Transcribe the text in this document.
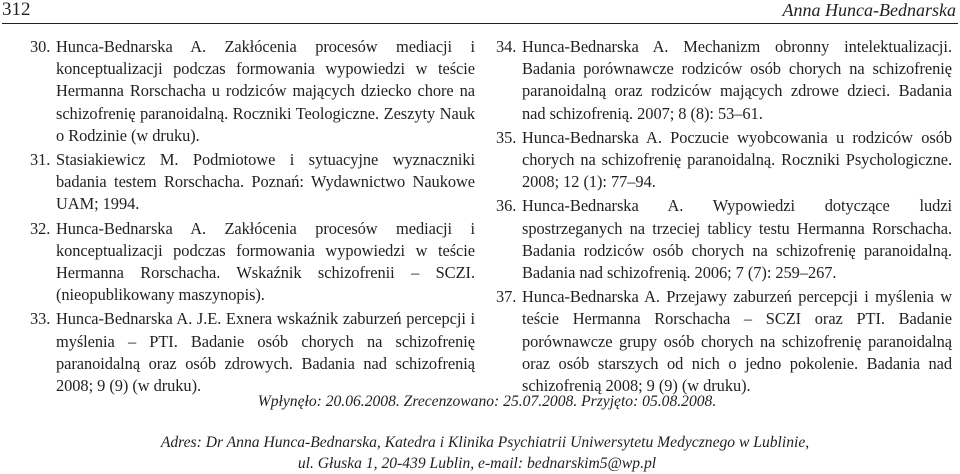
312	Anna Hunca-Bednarska
30. Hunca-Bednarska A. Zakłócenia procesów mediacji i konceptualizacji podczas formowania wypowiedzi w teście Hermanna Rorschacha u rodziców mających dziecko chore na schizofrenię paranoidalną. Roczniki Teologiczne. Zeszyty Nauk o Rodzinie (w druku).
31. Stasiakiewicz M. Podmiotowe i sytuacyjne wyznaczniki badania testem Rorschacha. Poznań: Wydawnictwo Naukowe UAM; 1994.
32. Hunca-Bednarska A. Zakłócenia procesów mediacji i konceptualizacji podczas formowania wypowiedzi w teście Hermanna Rorschacha. Wskaźnik schizofrenii – SCZI. (nieopublikowany maszynopis).
33. Hunca-Bednarska A. J.E. Exnera wskaźnik zaburzeń percepcji i myślenia – PTI. Badanie osób chorych na schizofrenię paranoidalną oraz osób zdrowych. Badania nad schizofrenią 2008; 9 (9) (w druku).
34. Hunca-Bednarska A. Mechanizm obronny intelektualizacji. Badania porównawcze rodziców osób chorych na schizofrenię paranoidalną oraz rodziców mających zdrowe dzieci. Badania nad schizofrenią. 2007; 8 (8): 53–61.
35. Hunca-Bednarska A. Poczucie wyobcowania u rodziców osób chorych na schizofrenię paranoidalną. Roczniki Psychologiczne. 2008; 12 (1): 77–94.
36. Hunca-Bednarska A. Wypowiedzi dotyczące ludzi spostrzeganych na trzeciej tablicy testu Hermanna Rorschacha. Badania rodziców osób chorych na schizofrenię paranoidalną. Badania nad schizofrenią. 2006; 7 (7): 259–267.
37. Hunca-Bednarska A. Przejawy zaburzeń percepcji i myślenia w teście Hermanna Rorschacha – SCZI oraz PTI. Badanie porównawcze grupy osób chorych na schizofrenię paranoidalną oraz osób starszych od nich o jedno pokolenie. Badania nad schizofrenią 2008; 9 (9) (w druku).
Wpłynęło: 20.06.2008. Zrecenzowano: 25.07.2008. Przyjęto: 05.08.2008.
Adres: Dr Anna Hunca-Bednarska, Katedra i Klinika Psychiatrii Uniwersytetu Medycznego w Lublinie,
ul. Głuska 1, 20-439 Lublin, e-mail: bednarskim5@wp.pl
